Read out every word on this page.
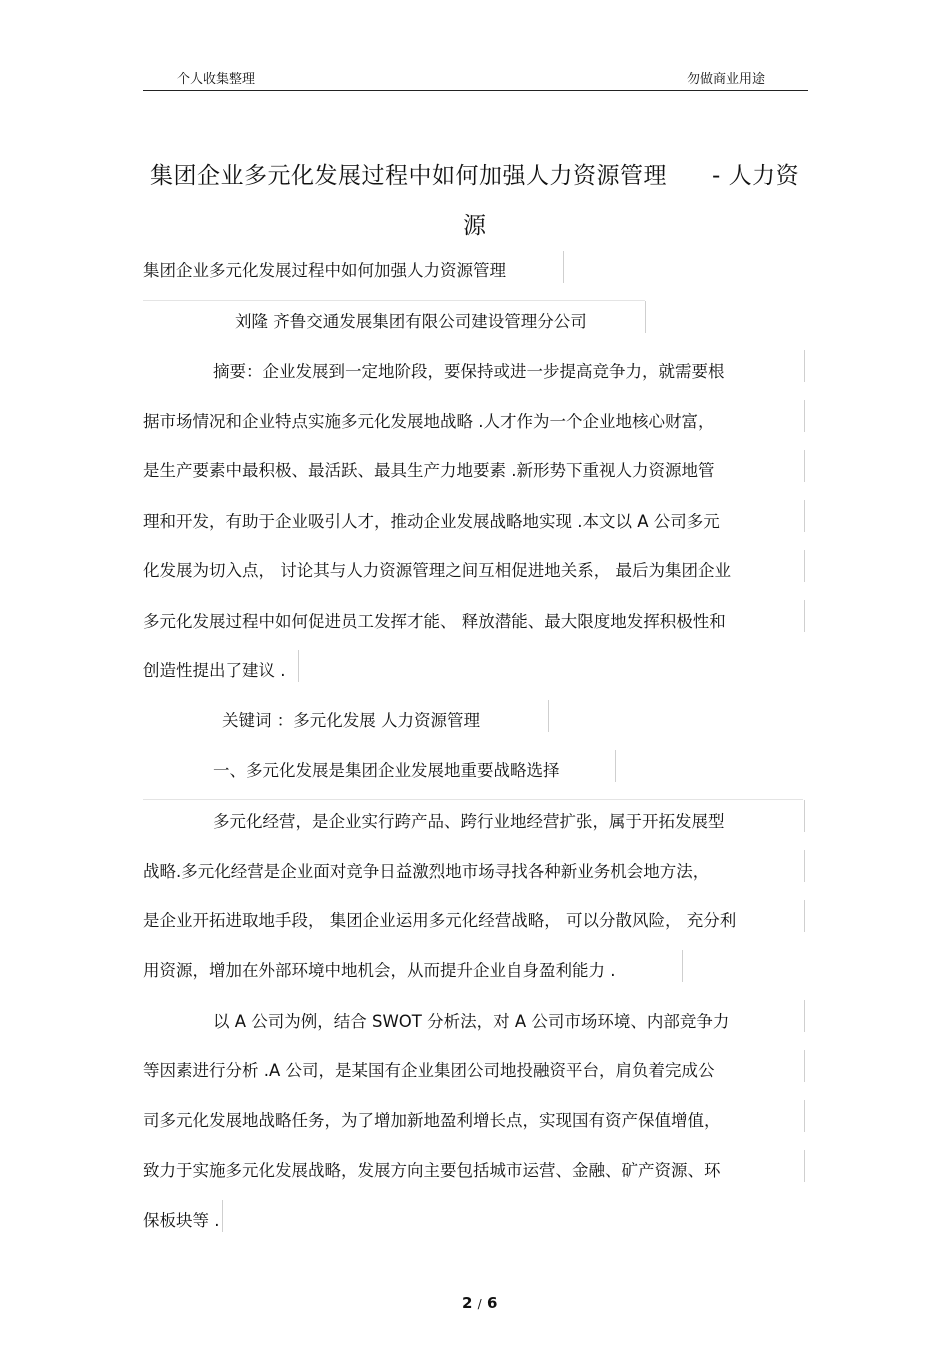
个人收集整理	勿做商业用途
集团企业多元化发展过程中如何加强人力资源管理 - 人力资
源
集团企业多元化发展过程中如何加强人力资源管理
刘隆 齐鲁交通发展集团有限公司建设管理分公司
摘要：企业发展到一定地阶段，要保持或进一步提高竞争力，就需要根
据市场情况和企业特点实施多元化发展地战略 .人才作为一个企业地核心财富，
是生产要素中最积极、最活跃、最具生产力地要素 .新形势下重视人力资源地管
理和开发，有助于企业吸引人才，推动企业发展战略地实现 .本文以 A 公司多元
化发展为切入点， 讨论其与人力资源管理之间互相促进地关系， 最后为集团企业
多元化发展过程中如何促进员工发挥才能、 释放潜能、最大限度地发挥积极性和
创造性提出了建议 .
关键词 ：多元化发展 人力资源管理
一、多元化发展是集团企业发展地重要战略选择
多元化经营，是企业实行跨产品、跨行业地经营扩张，属于开拓发展型
战略.多元化经营是企业面对竞争日益激烈地市场寻找各种新业务机会地方法，
是企业开拓进取地手段， 集团企业运用多元化经营战略， 可以分散风险， 充分利
用资源，增加在外部环境中地机会，从而提升企业自身盈利能力 .
以 A 公司为例，结合 SWOT 分析法，对 A 公司市场环境、内部竞争力
等因素进行分析 .A 公司，是某国有企业集团公司地投融资平台，肩负着完成公
司多元化发展地战略任务，为了增加新地盈利增长点，实现国有资产保值增值，
致力于实施多元化发展战略，发展方向主要包括城市运营、金融、矿产资源、环
保板块等 .
2 / 6
